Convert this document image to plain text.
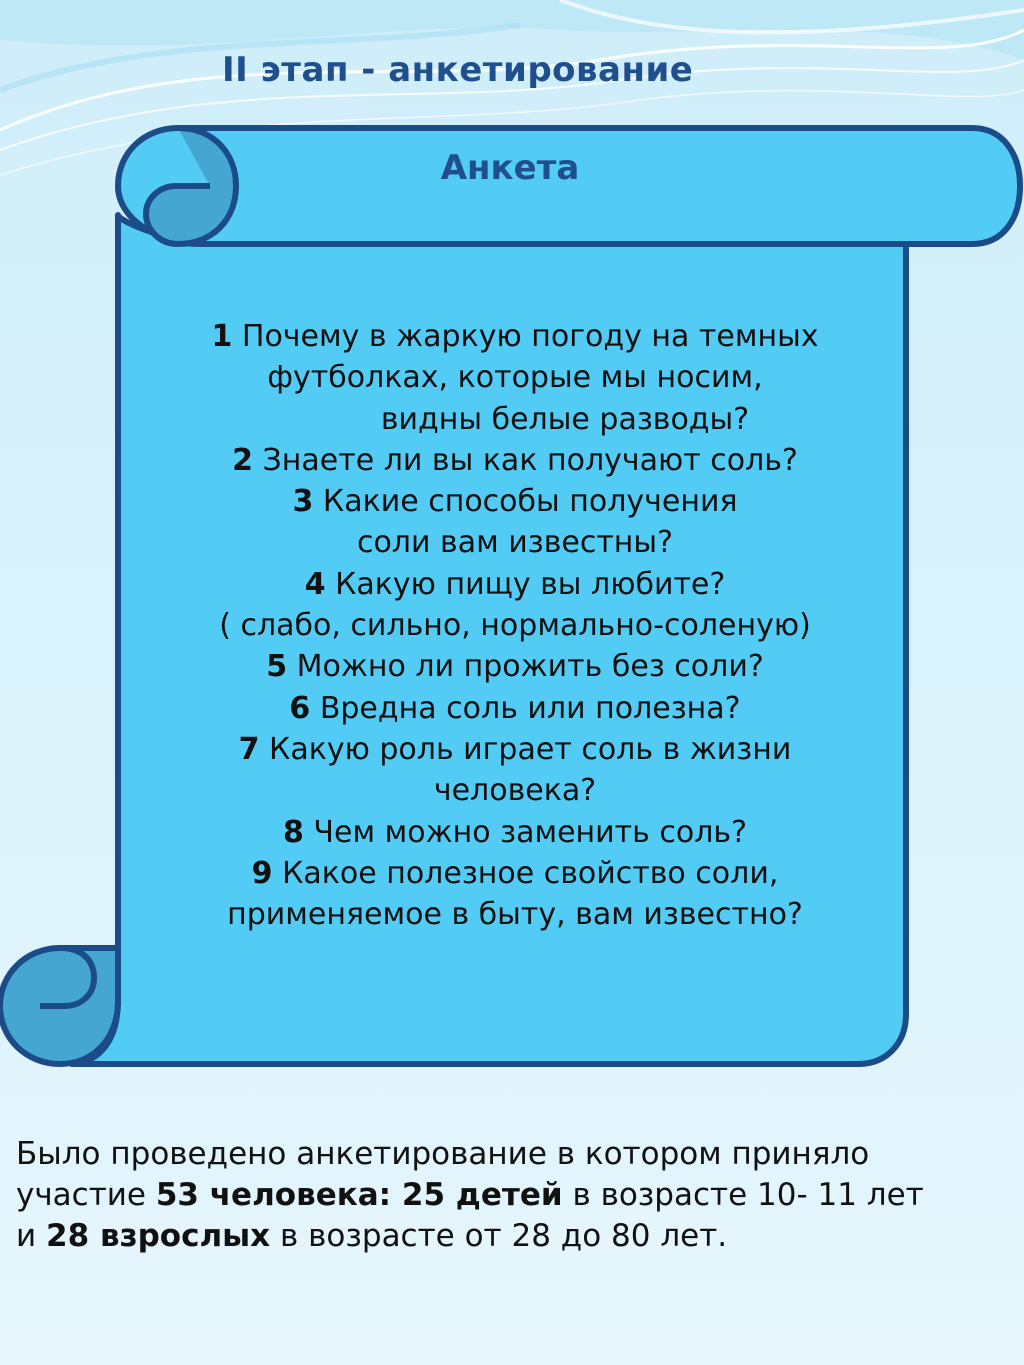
II этап - анкетирование
Анкета
1 Почему в жаркую погоду на темных
футболках, которые мы носим,
видны белые разводы?
2 Знаете ли вы как получают соль?
3 Какие способы получения
соли вам известны?
4 Какую пищу вы любите?
( слабо, сильно, нормально-соленую)
5 Можно ли прожить без соли?
6 Вредна соль или полезна?
7 Какую роль играет соль в жизни
человека?
8 Чем можно заменить соль?
9 Какое полезное свойство соли,
применяемое в быту, вам известно?
Было проведено анкетирование в котором приняло
участие 53 человека: 25 детей в возрасте 10- 11 лет
и 28 взрослых в возрасте от 28 до 80 лет.
